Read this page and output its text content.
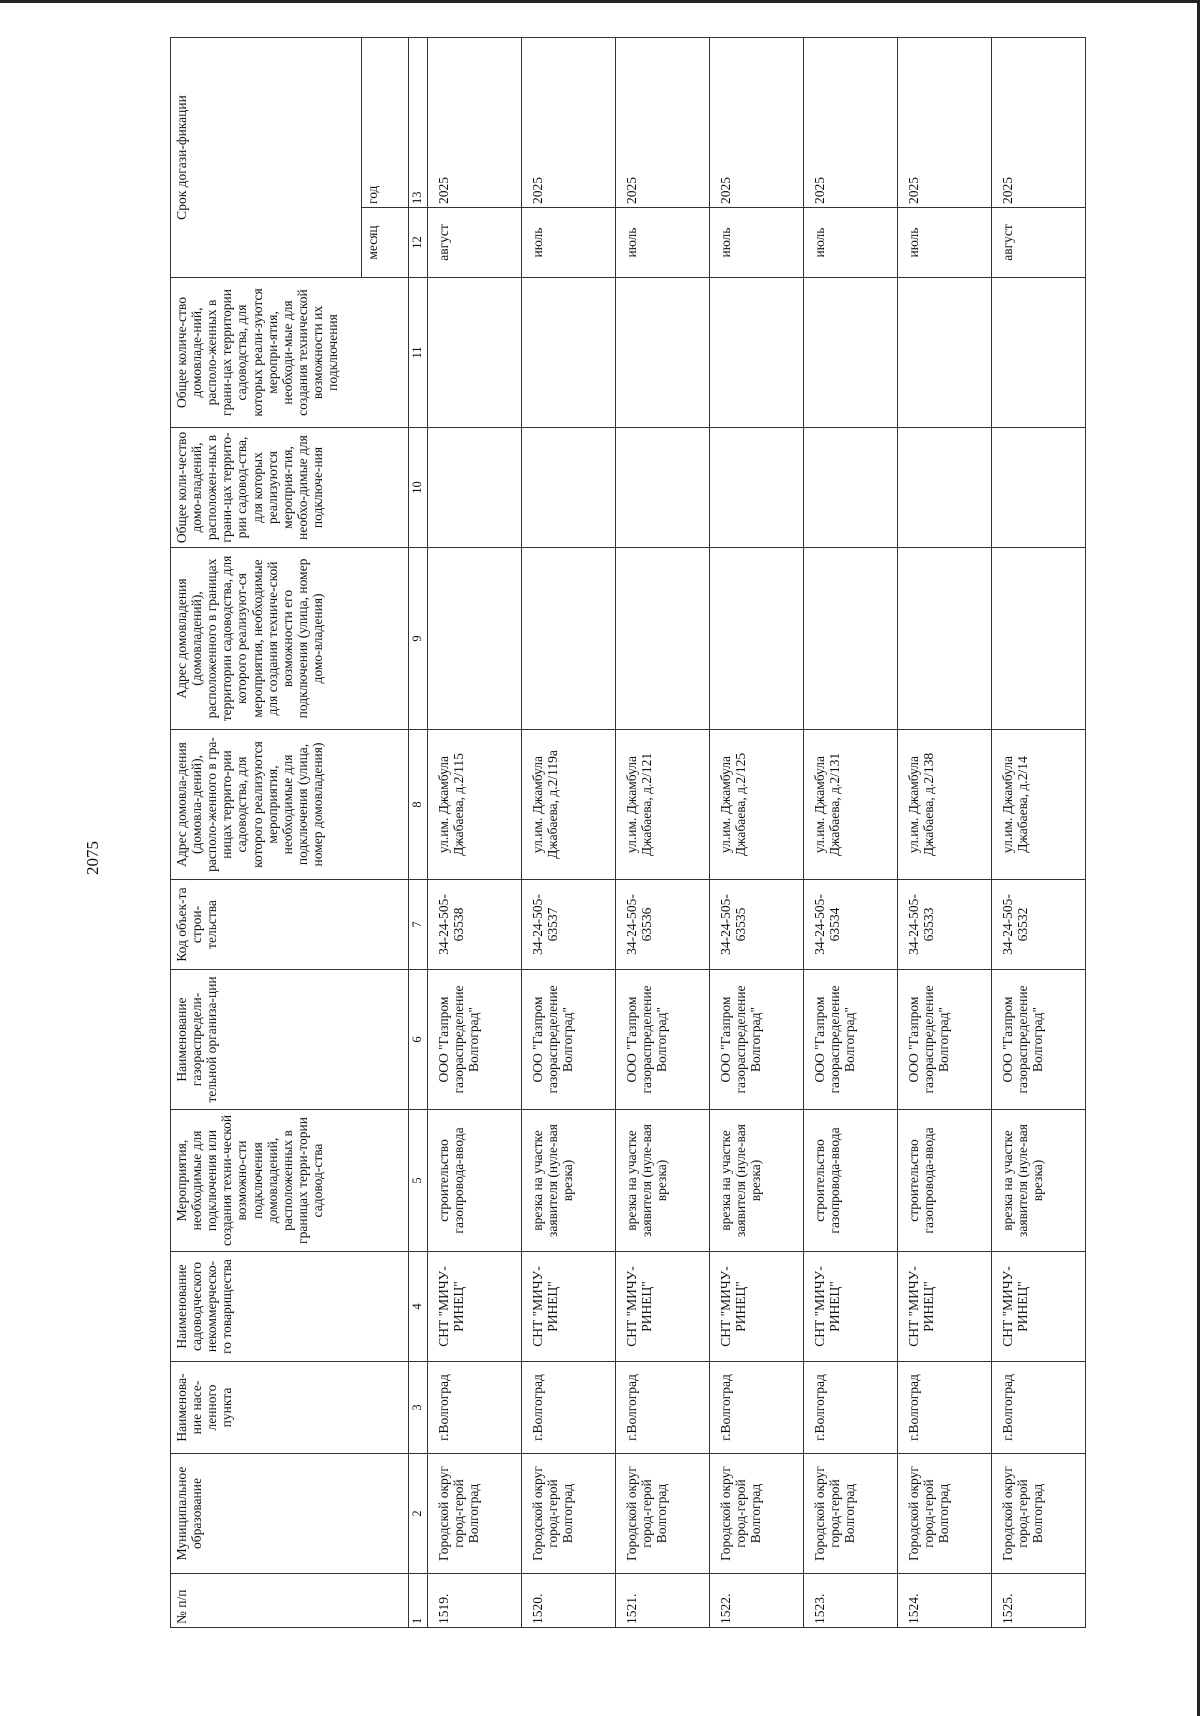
2075
№ п/п	Муниципальное образование	Наименова-ние насе-ленного пункта	Наименование садоводческого некоммерческо-го товарищества	Мероприятия, необходимые для подключения или создания техни-ческой возможно-сти подключения домовладений, расположенных в границах терри-тории садовод-ства	Наименование газораспредели-тельной организа-ции	Код объек-та строи-тельства	Адрес домовла-дения (домовла-дений), располо-женного в гра-ницах террито-рии садоводства, для которого реализуются мероприятия, необходимые для подключения (улица, номер домовладения)	Адрес домовладения (домовладений), расположенного в границах территории садоводства, для которого реализуют-ся мероприятия, необходимые для создания техниче-ской возможности его подключения (улица, номер домо-владения)	Общее коли-чество домо-владений, расположен-ных в грани-цах террито-рии садовод-ства, для которых реализуются мероприя-тия, необхо-димые для подключе-ния	Общее количе-ство домовладе-ний, располо-женных в грани-цах территории садоводства, для которых реали-зуются меропри-ятия, необходи-мые для создания технической возможности их подключения	Срок догази-фикации	
											месяц	год
1	2	3	4	5	6	7	8	9	10	11	12	13
1519.	Городской округ город-герой Волгоград	г.Волгоград	СНТ "МИЧУ-РИНЕЦ"	строительство газопровода-ввода	ООО "Газпром газораспределение Волгоград"	34-24-505-63538	ул.им. Джамбула Джабаева, д.2/115				август	2025
1520.	Городской округ город-герой Волгоград	г.Волгоград	СНТ "МИЧУ-РИНЕЦ"	врезка на участке заявителя (нуле-вая врезка)	ООО "Газпром газораспределение Волгоград"	34-24-505-63537	ул.им. Джамбула Джабаева, д.2/119а				июль	2025
1521.	Городской округ город-герой Волгоград	г.Волгоград	СНТ "МИЧУ-РИНЕЦ"	врезка на участке заявителя (нуле-вая врезка)	ООО "Газпром газораспределение Волгоград"	34-24-505-63536	ул.им. Джамбула Джабаева, д.2/121				июль	2025
1522.	Городской округ город-герой Волгоград	г.Волгоград	СНТ "МИЧУ-РИНЕЦ"	врезка на участке заявителя (нуле-вая врезка)	ООО "Газпром газораспределение Волгоград"	34-24-505-63535	ул.им. Джамбула Джабаева, д.2/125				июль	2025
1523.	Городской округ город-герой Волгоград	г.Волгоград	СНТ "МИЧУ-РИНЕЦ"	строительство газопровода-ввода	ООО "Газпром газораспределение Волгоград"	34-24-505-63534	ул.им. Джамбула Джабаева, д.2/131				июль	2025
1524.	Городской округ город-герой Волгоград	г.Волгоград	СНТ "МИЧУ-РИНЕЦ"	строительство газопровода-ввода	ООО "Газпром газораспределение Волгоград"	34-24-505-63533	ул.им. Джамбула Джабаева, д.2/138				июль	2025
1525.	Городской округ город-герой Волгоград	г.Волгоград	СНТ "МИЧУ-РИНЕЦ"	врезка на участке заявителя (нуле-вая врезка)	ООО "Газпром газораспределение Волгоград"	34-24-505-63532	ул.им. Джамбула Джабаева, д.2/14				август	2025
